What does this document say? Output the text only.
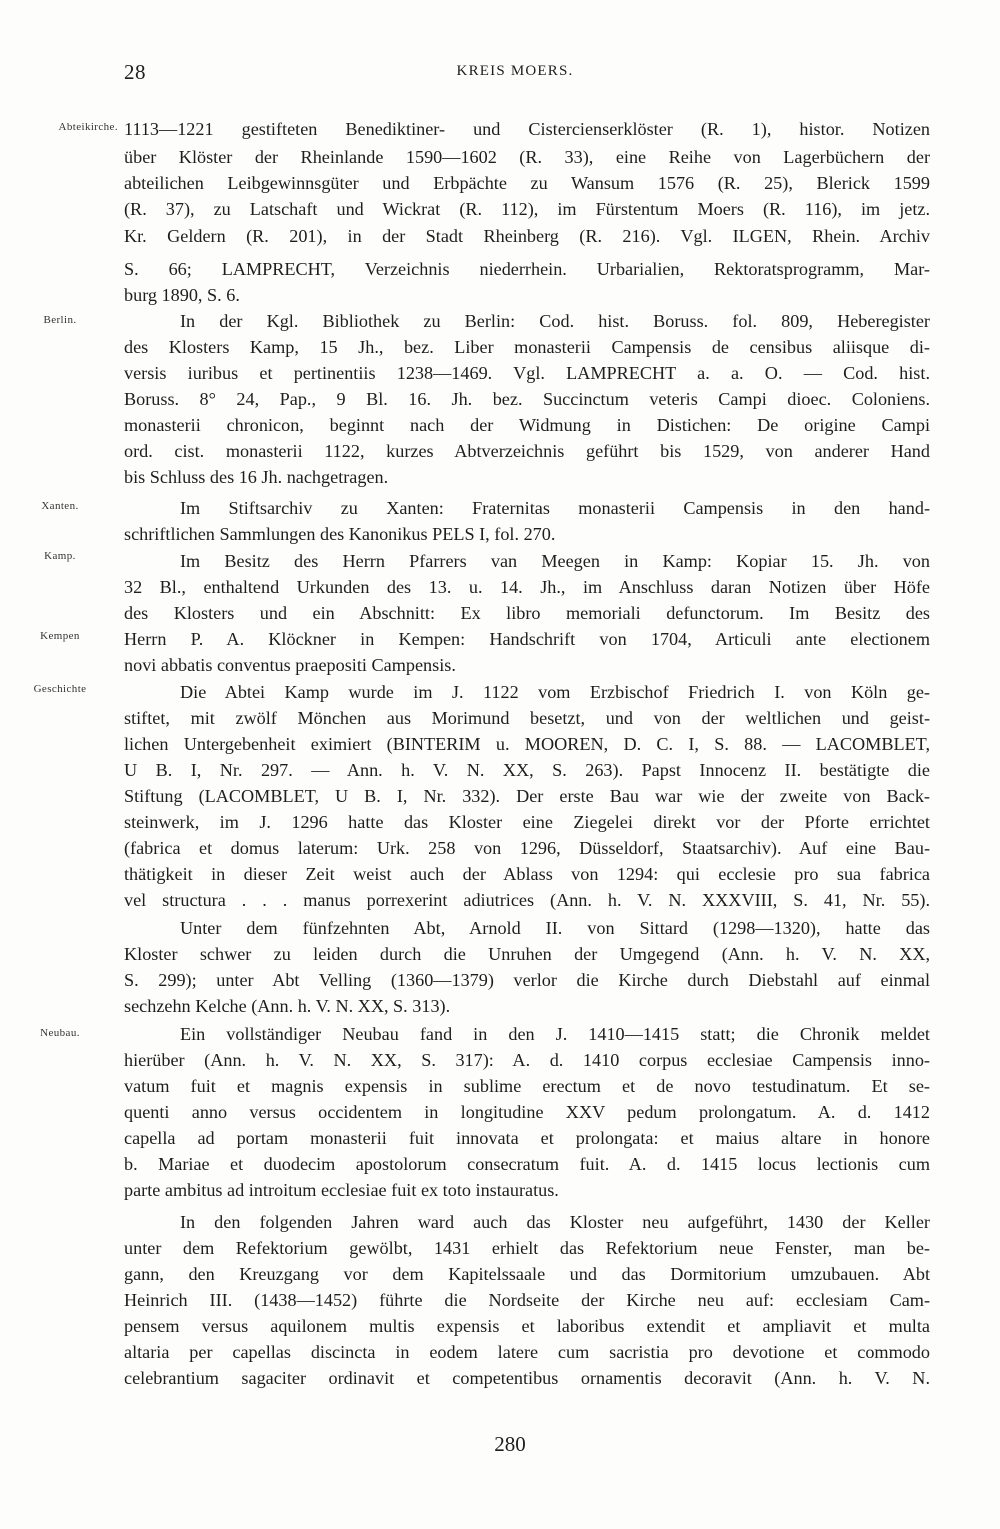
28	KREIS MOERS.
Abteikirche.
Berlin.
Xanten.
Kamp.
Kempen
Geschichte
Neubau.
1113—1221 gestifteten Benediktiner- und Cistercienserklöster (R. 1), histor. Notizen
über Klöster der Rheinlande 1590—1602 (R. 33), eine Reihe von Lagerbüchern der
abteilichen Leibgewinnsgüter und Erbpächte zu Wansum 1576 (R. 25), Blerick 1599
(R. 37), zu Latschaft und Wickrat (R. 112), im Fürstentum Moers (R. 116), im jetz.
Kr. Geldern (R. 201), in der Stadt Rheinberg (R. 216). Vgl. ILGEN, Rhein. Archiv
S. 66; LAMPRECHT, Verzeichnis niederrhein. Urbarialien, Rektoratsprogramm, Mar-
burg 1890, S. 6.
In der Kgl. Bibliothek zu Berlin: Cod. hist. Boruss. fol. 809, Heberegister
des Klosters Kamp, 15 Jh., bez. Liber monasterii Campensis de censibus aliisque di-
versis iuribus et pertinentiis 1238—1469. Vgl. LAMPRECHT a. a. O. — Cod. hist.
Boruss. 8° 24, Pap., 9 Bl. 16. Jh. bez. Succinctum veteris Campi dioec. Coloniens.
monasterii chronicon, beginnt nach der Widmung in Distichen: De origine Campi
ord. cist. monasterii 1122, kurzes Abtverzeichnis geführt bis 1529, von anderer Hand
bis Schluss des 16 Jh. nachgetragen.
Im Stiftsarchiv zu Xanten: Fraternitas monasterii Campensis in den hand-
schriftlichen Sammlungen des Kanonikus PELS I, fol. 270.
Im Besitz des Herrn Pfarrers van Meegen in Kamp: Kopiar 15. Jh. von
32 Bl., enthaltend Urkunden des 13. u. 14. Jh., im Anschluss daran Notizen über Höfe
des Klosters und ein Abschnitt: Ex libro memoriali defunctorum. Im Besitz des
Herrn P. A. Klöckner in Kempen: Handschrift von 1704, Articuli ante electionem
novi abbatis conventus praepositi Campensis.
Die Abtei Kamp wurde im J. 1122 vom Erzbischof Friedrich I. von Köln ge-
stiftet, mit zwölf Mönchen aus Morimund besetzt, und von der weltlichen und geist-
lichen Untergebenheit eximiert (BINTERIM u. MOOREN, D. C. I, S. 88. — LACOMBLET,
U B. I, Nr. 297. — Ann. h. V. N. XX, S. 263). Papst Innocenz II. bestätigte die
Stiftung (LACOMBLET, U B. I, Nr. 332). Der erste Bau war wie der zweite von Back-
steinwerk, im J. 1296 hatte das Kloster eine Ziegelei direkt vor der Pforte errichtet
(fabrica et domus laterum: Urk. 258 von 1296, Düsseldorf, Staatsarchiv). Auf eine Bau-
thätigkeit in dieser Zeit weist auch der Ablass von 1294: qui ecclesie pro sua fabrica
vel structura . . . manus porrexerint adiutrices (Ann. h. V. N. XXXVIII, S. 41, Nr. 55).
Unter dem fünfzehnten Abt, Arnold II. von Sittard (1298—1320), hatte das
Kloster schwer zu leiden durch die Unruhen der Umgegend (Ann. h. V. N. XX,
S. 299); unter Abt Velling (1360—1379) verlor die Kirche durch Diebstahl auf einmal
sechzehn Kelche (Ann. h. V. N. XX, S. 313).
Ein vollständiger Neubau fand in den J. 1410—1415 statt; die Chronik meldet
hierüber (Ann. h. V. N. XX, S. 317): A. d. 1410 corpus ecclesiae Campensis inno-
vatum fuit et magnis expensis in sublime erectum et de novo testudinatum. Et se-
quenti anno versus occidentem in longitudine XXV pedum prolongatum. A. d. 1412
capella ad portam monasterii fuit innovata et prolongata: et maius altare in honore
b. Mariae et duodecim apostolorum consecratum fuit. A. d. 1415 locus lectionis cum
parte ambitus ad introitum ecclesiae fuit ex toto instauratus.
In den folgenden Jahren ward auch das Kloster neu aufgeführt, 1430 der Keller
unter dem Refektorium gewölbt, 1431 erhielt das Refektorium neue Fenster, man be-
gann, den Kreuzgang vor dem Kapitelssaale und das Dormitorium umzubauen. Abt
Heinrich III. (1438—1452) führte die Nordseite der Kirche neu auf: ecclesiam Cam-
pensem versus aquilonem multis expensis et laboribus extendit et ampliavit et multa
altaria per capellas discincta in eodem latere cum sacristia pro devotione et commodo
celebrantium sagaciter ordinavit et competentibus ornamentis decoravit (Ann. h. V. N.
280
